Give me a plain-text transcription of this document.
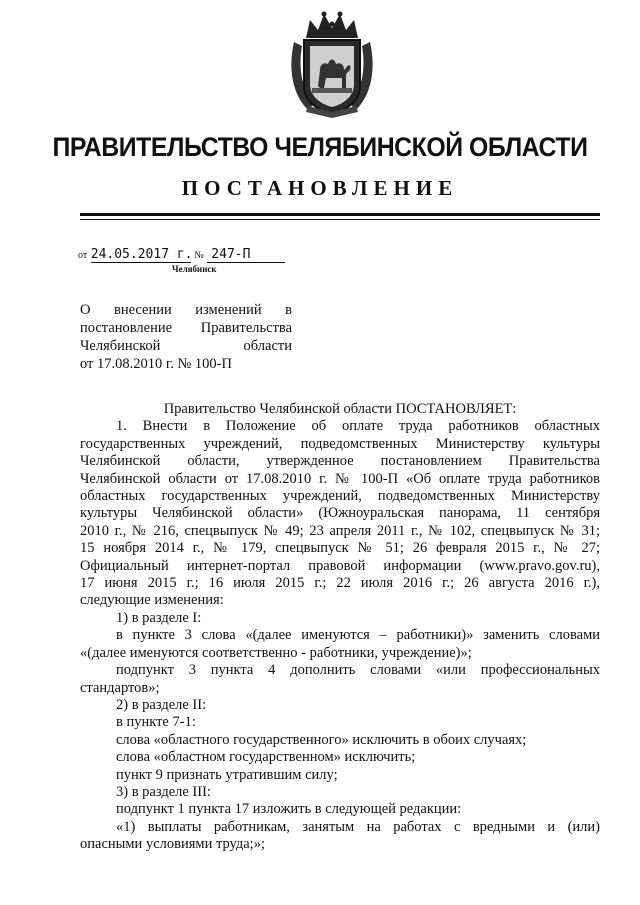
ПРАВИТЕЛЬСТВО ЧЕЛЯБИНСКОЙ ОБЛАСТИ
ПОСТАНОВЛЕНИЕ
от 24.05.2017 г. № 247-П
Челябинск
О внесении изменений в
постановление Правительства
Челябинской области
от 17.08.2010 г. № 100-П
Правительство Челябинской области ПОСТАНОВЛЯЕТ:
1. Внести в Положение об оплате труда работников областных
государственных учреждений, подведомственных Министерству культуры
Челябинской области, утвержденное постановлением Правительства
Челябинской области от 17.08.2010 г. № 100-П «Об оплате труда работников
областных государственных учреждений, подведомственных Министерству
культуры Челябинской области» (Южноуральская панорама, 11 сентября
2010 г., № 216, спецвыпуск № 49; 23 апреля 2011 г., № 102, спецвыпуск № 31;
15 ноября 2014 г., № 179, спецвыпуск № 51; 26 февраля 2015 г., № 27;
Официальный интернет-портал правовой информации (www.pravo.gov.ru),
17 июня 2015 г.; 16 июля 2015 г.; 22 июля 2016 г.; 26 августа 2016 г.),
следующие изменения:
1) в разделе I:
в пункте 3 слова «(далее именуются – работники)» заменить словами
«(далее именуются соответственно - работники, учреждение)»;
подпункт 3 пункта 4 дополнить словами «или профессиональных
стандартов»;
2) в разделе II:
в пункте 7-1:
слова «областного государственного» исключить в обоих случаях;
слова «областном государственном» исключить;
пункт 9 признать утратившим силу;
3) в разделе III:
подпункт 1 пункта 17 изложить в следующей редакции:
«1) выплаты работникам, занятым на работах с вредными и (или)
опасными условиями труда;»;
